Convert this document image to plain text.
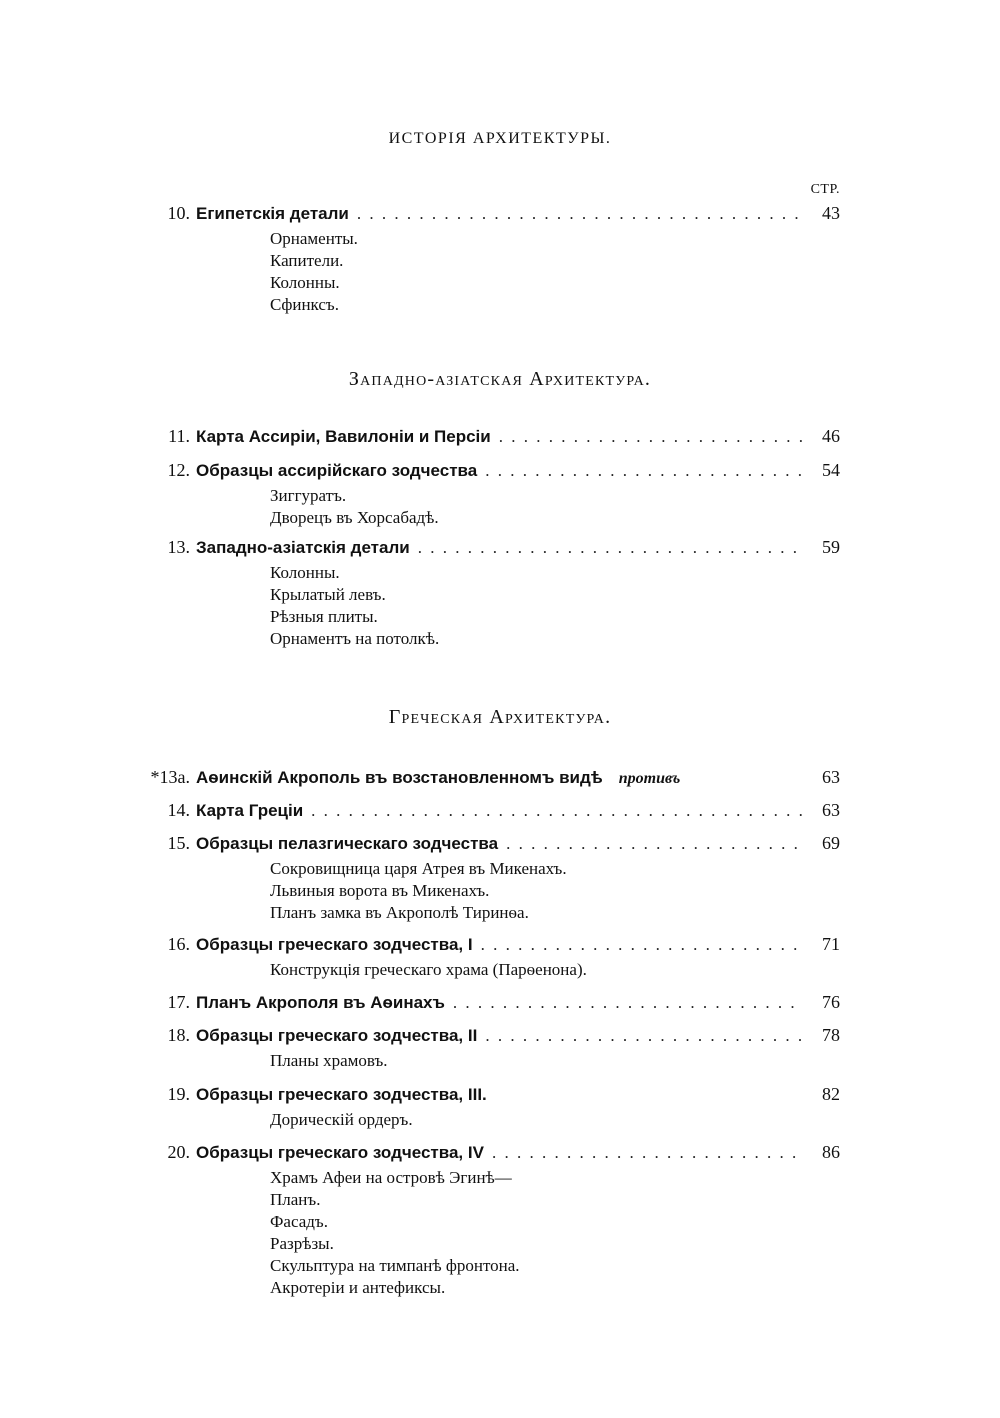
ИСТОРІЯ АРХИТЕКТУРЫ.
СТР.
10. Египетскія детали . . .	43
Орнаменты.
Капители.
Колонны.
Сфинксъ.
Западно-азіатская Архитектура.
11. Карта Ассиріи, Вавилоніи и Персіи . . .	46
12. Образцы ассирійскаго зодчества . . .	54
Зиггуратъ.
Дворецъ въ Хорсабадѣ.
13. Западно-азіатскія детали . . .	59
Колонны.
Крылатый левъ.
Рѣзныя плиты.
Орнаментъ на потолкѣ.
Греческая Архитектура.
*13а. Аѳинскій Акрополь въ возстановленномъ видѣ противъ	63
14. Карта Греціи . . .	63
15. Образцы пелазгическаго зодчества . . .	69
Сокровищница царя Атрея въ Микенахъ.
Львиныя ворота въ Микенахъ.
Планъ замка въ Акрополѣ Тиринѳа.
16. Образцы греческаго зодчества, I . . .	71
Конструкція греческаго храма (Парѳенона).
17. Планъ Акрополя въ Аѳинахъ . . .	76
18. Образцы греческаго зодчества, II . . .	78
Планы храмовъ.
19. Образцы греческаго зодчества, III.	82
Дорическій ордеръ.
20. Образцы греческаго зодчества, IV . . .	86
Храмъ Афеи на островѣ Эгинѣ—
Планъ.
Фасадъ.
Разрѣзы.
Скульптура на тимпанѣ фронтона.
Акротеріи и антефиксы.
